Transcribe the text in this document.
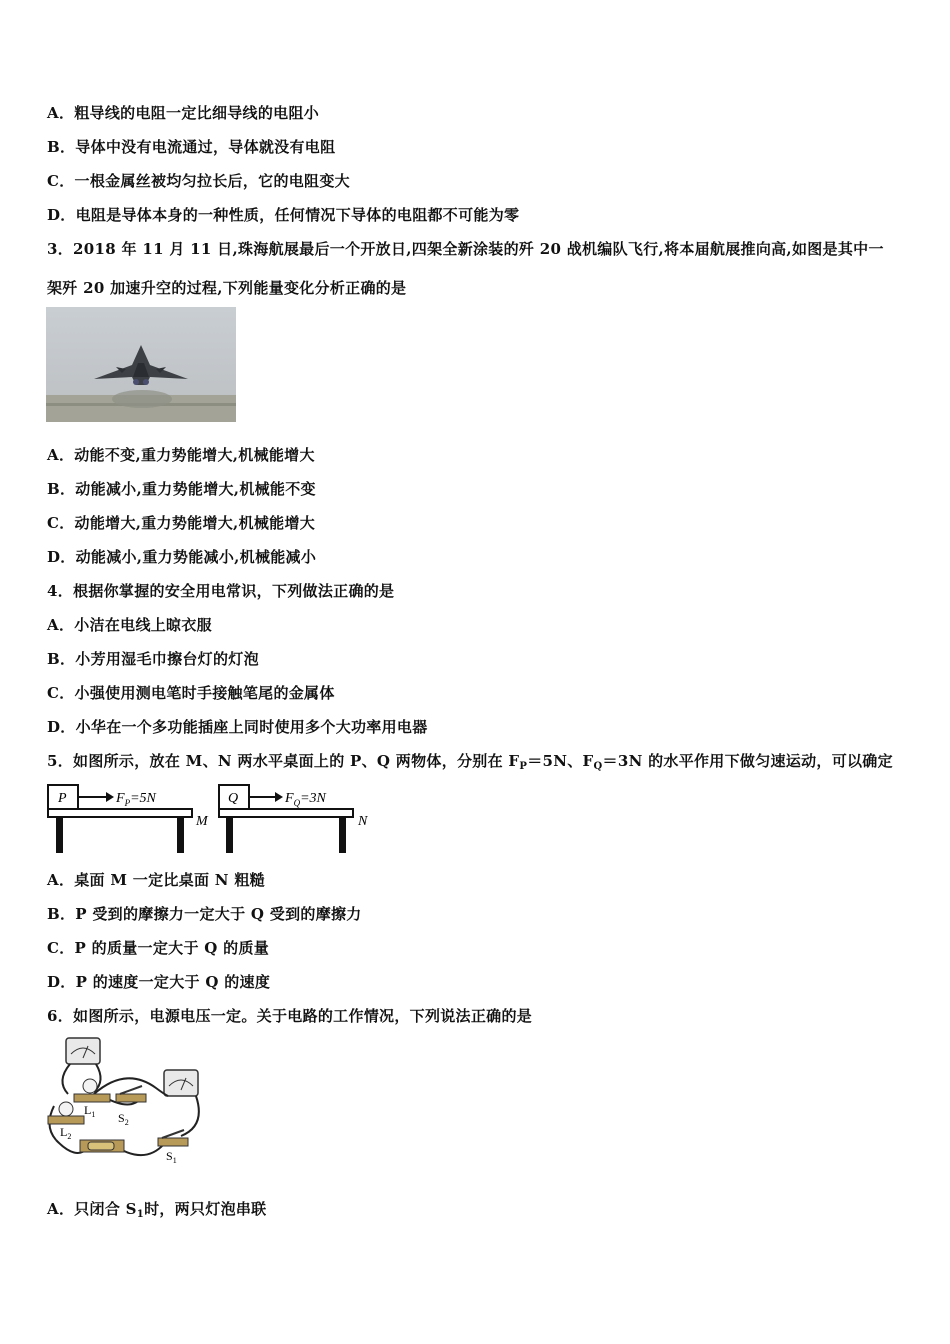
A．粗导线的电阻一定比细导线的电阻小
B．导体中没有电流通过，导体就没有电阻
C．一根金属丝被均匀拉长后，它的电阻变大
D．电阻是导体本身的一种性质，任何情况下导体的电阻都不可能为零
3．2018 年 11 月 11 日,珠海航展最后一个开放日,四架全新涂装的歼 20 战机编队飞行,将本届航展推向高,如图是其中一
架歼 20 加速升空的过程,下列能量变化分析正确的是
A．动能不变,重力势能增大,机械能增大
B．动能减小,重力势能增大,机械能不变
C．动能增大,重力势能增大,机械能增大
D．动能减小,重力势能减小,机械能减小
4．根据你掌握的安全用电常识，下列做法正确的是
A．小洁在电线上晾衣服
B．小芳用湿毛巾擦台灯的灯泡
C．小强使用测电笔时手接触笔尾的金属体
D．小华在一个多功能插座上同时使用多个大功率用电器
5．如图所示，放在 M、N 两水平桌面上的 P、Q 两物体，分别在 $F_P=5N$、$F_Q=3N$ 的水平作用下做匀速运动，可以确定
P	$F_P=5N$
M
Q	$F_Q=3N$
N
A．桌面 M 一定比桌面 N 粗糙
B．P 受到的摩擦力一定大于 Q 受到的摩擦力
C．P 的质量一定大于 Q 的质量
D．P 的速度一定大于 Q 的速度
6．如图所示，电源电压一定。关于电路的工作情况，下列说法正确的是
$L_1$ $S_2$
$L_2$
$S_1$
A．只闭合 $S_1$时，两只灯泡串联
